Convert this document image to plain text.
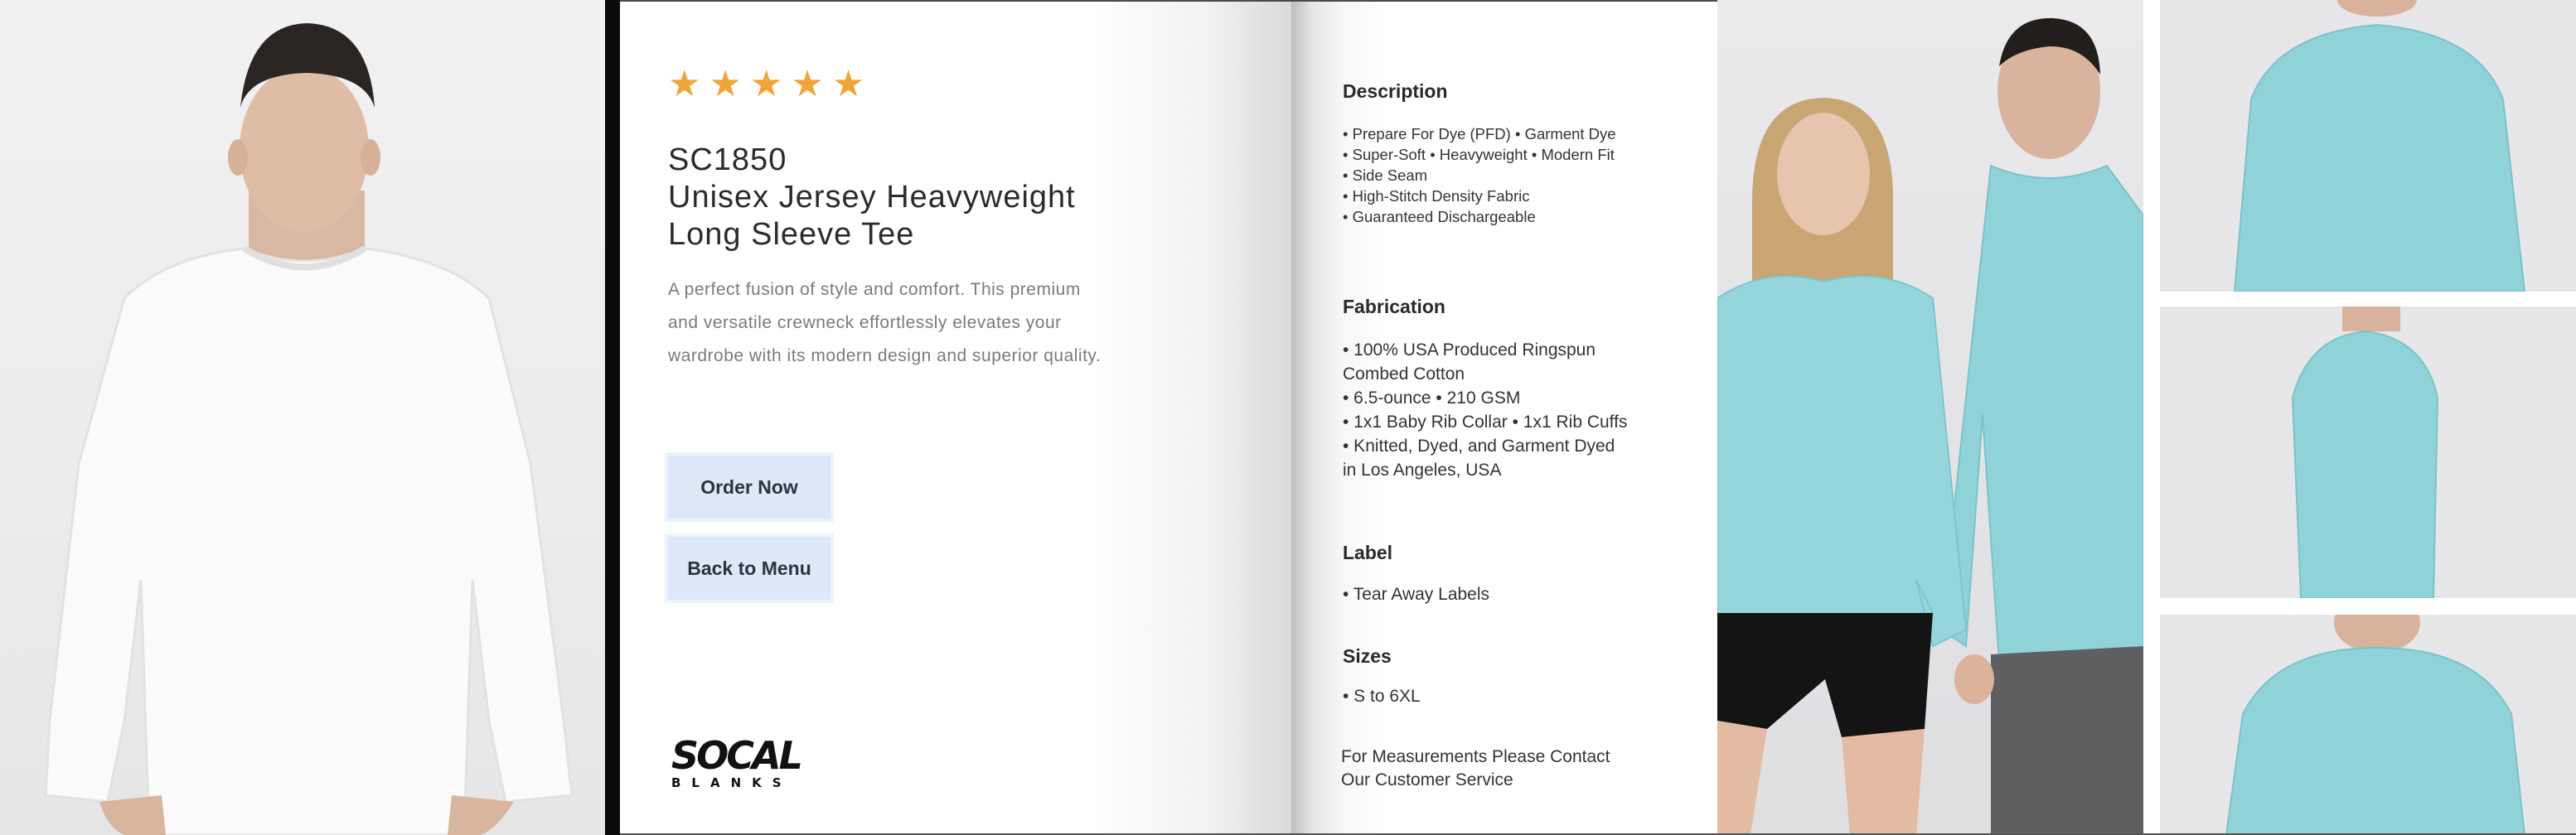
★ ★ ★ ★ ★
SC1850
Unisex Jersey Heavyweight
Long Sleeve Tee
A perfect fusion of style and comfort. This premium
and versatile crewneck effortlessly elevates your
wardrobe with its modern design and superior quality.
Order Now
Back to Menu
SOCAL
BLANKS
Description
• Prepare For Dye (PFD) • Garment Dye
• Super-Soft • Heavyweight • Modern Fit
• Side Seam
• High-Stitch Density Fabric
• Guaranteed Dischargeable
Fabrication
• 100% USA Produced Ringspun
Combed Cotton
• 6.5-ounce • 210 GSM
• 1x1 Baby Rib Collar • 1x1 Rib Cuffs
• Knitted, Dyed, and Garment Dyed
in Los Angeles, USA
Label
• Tear Away Labels
Sizes
• S to 6XL
For Measurements Please Contact
Our Customer Service
